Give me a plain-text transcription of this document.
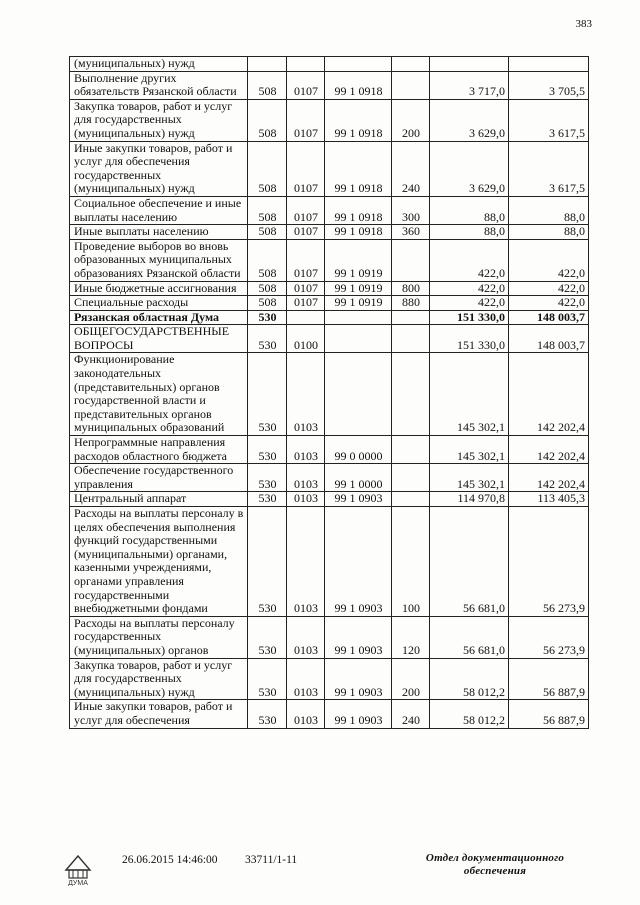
383
(муниципальных) нужд						
Выполнение других обязательств Рязанской области	508	0107	99 1 0918		3 717,0	3 705,5
Закупка товаров, работ и услуг для государственных (муниципальных) нужд	508	0107	99 1 0918	200	3 629,0	3 617,5
Иные закупки товаров, работ и услуг для обеспечения государственных (муниципальных) нужд	508	0107	99 1 0918	240	3 629,0	3 617,5
Социальное обеспечение и иные выплаты населению	508	0107	99 1 0918	300	88,0	88,0
Иные выплаты населению	508	0107	99 1 0918	360	88,0	88,0
Проведение выборов во вновь образованных муниципальных образованиях Рязанской области	508	0107	99 1 0919		422,0	422,0
Иные бюджетные ассигнования	508	0107	99 1 0919	800	422,0	422,0
Специальные расходы	508	0107	99 1 0919	880	422,0	422,0
Рязанская областная Дума	530				151 330,0	148 003,7
ОБЩЕГОСУДАРСТВЕННЫЕ ВОПРОСЫ	530	0100			151 330,0	148 003,7
Функционирование законодательных (представительных) органов государственной власти и представительных органов муниципальных образований	530	0103			145 302,1	142 202,4
Непрограммные направления расходов областного бюджета	530	0103	99 0 0000		145 302,1	142 202,4
Обеспечение государственного управления	530	0103	99 1 0000		145 302,1	142 202,4
Центральный аппарат	530	0103	99 1 0903		114 970,8	113 405,3
Расходы на выплаты персоналу в целях обеспечения выполнения функций государственными (муниципальными) органами, казенными учреждениями, органами управления государственными внебюджетными фондами	530	0103	99 1 0903	100	56 681,0	56 273,9
Расходы на выплаты персоналу государственных (муниципальных) органов	530	0103	99 1 0903	120	56 681,0	56 273,9
Закупка товаров, работ и услуг для государственных (муниципальных) нужд	530	0103	99 1 0903	200	58 012,2	56 887,9
Иные закупки товаров, работ и услуг для обеспечения	530	0103	99 1 0903	240	58 012,2	56 887,9
ДУМА
26.06.2015 14:46:00 33711/1-11	Отдел документационного обеспечения
